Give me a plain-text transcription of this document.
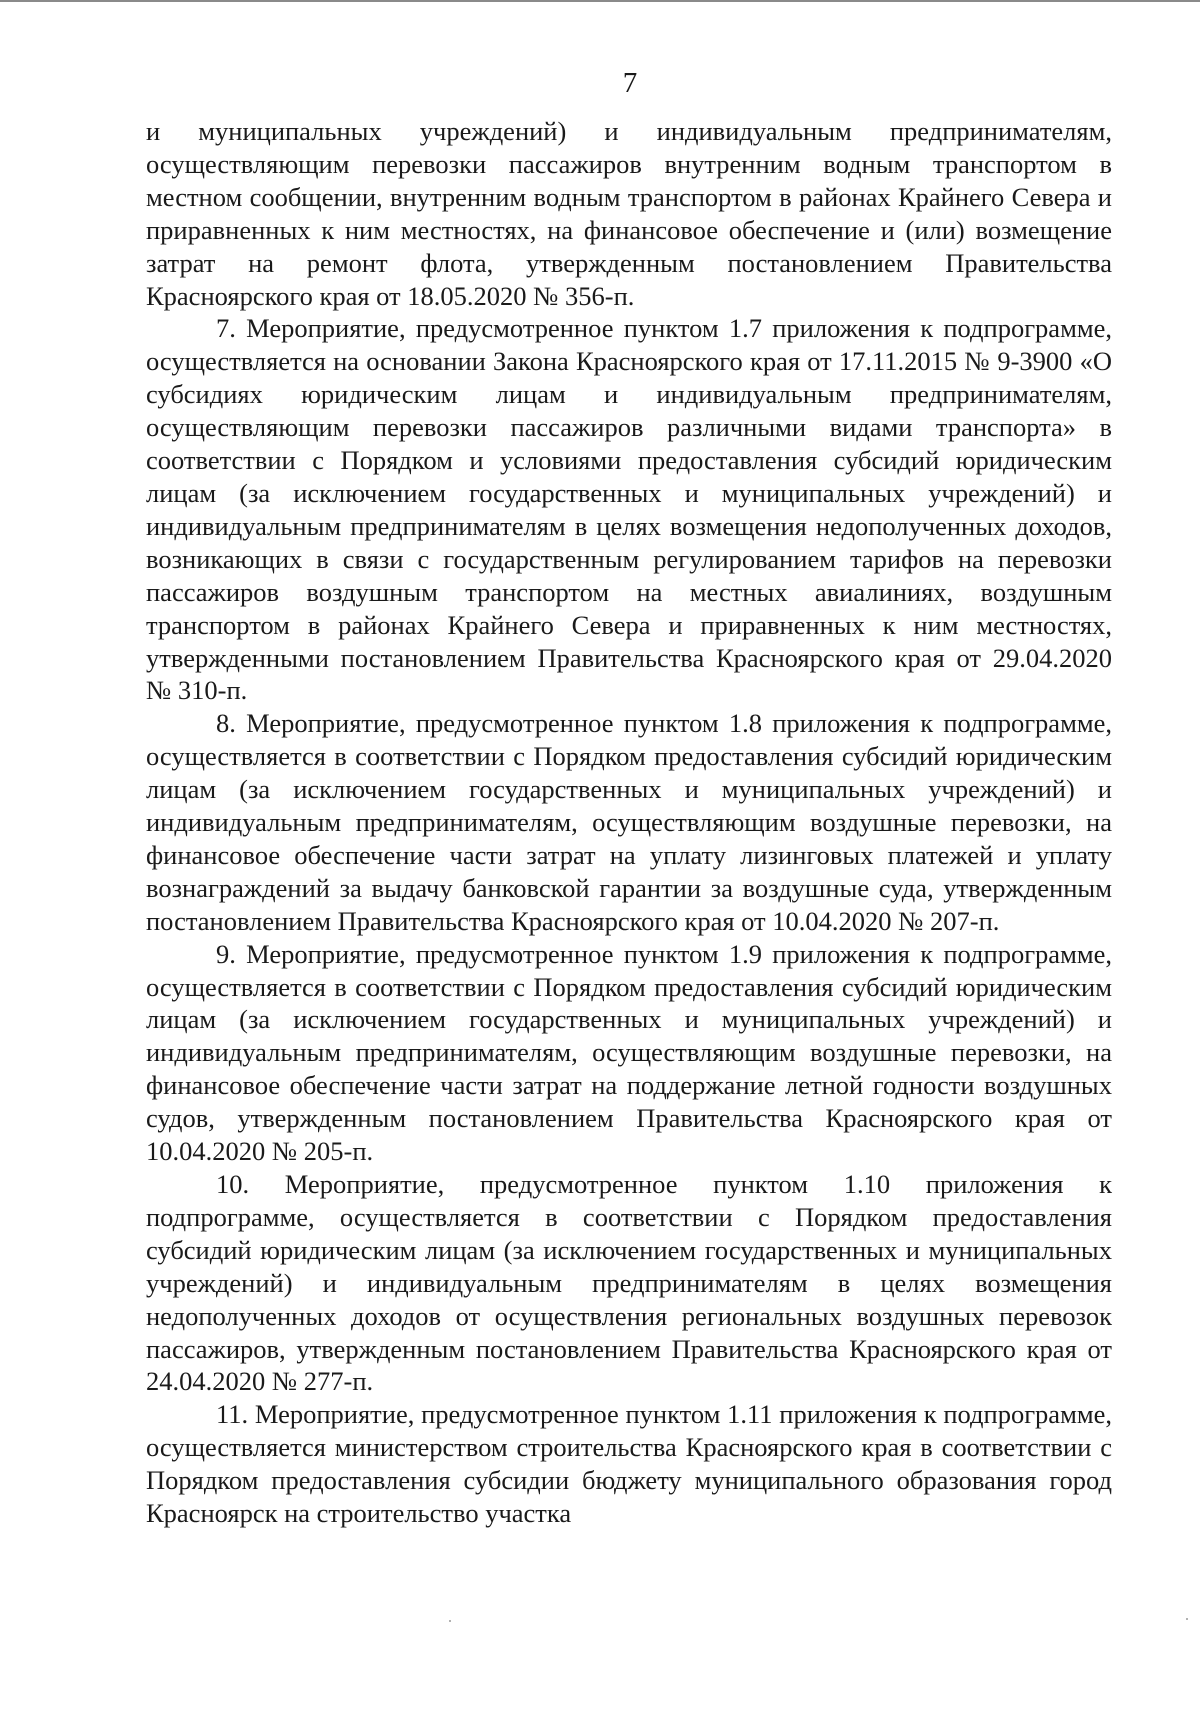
7

и муниципальных учреждений) и индивидуальным предпринимателям, осуществляющим перевозки пассажиров внутренним водным транспортом в местном сообщении, внутренним водным транспортом в районах Крайнего Севера и приравненных к ним местностях, на финансовое обеспечение и (или) возмещение затрат на ремонт флота, утвержденным постановлением Правительства Красноярского края от 18.05.2020 № 356-п.

7. Мероприятие, предусмотренное пунктом 1.7 приложения к подпрограмме, осуществляется на основании Закона Красноярского края от 17.11.2015 № 9-3900 «О субсидиях юридическим лицам и индивидуальным предпринимателям, осуществляющим перевозки пассажиров различными видами транспорта» в соответствии с Порядком и условиями предоставления субсидий юридическим лицам (за исключением государственных и муниципальных учреждений) и индивидуальным предпринимателям в целях возмещения недополученных доходов, возникающих в связи с государственным регулированием тарифов на перевозки пассажиров воздушным транспортом на местных авиалиниях, воздушным транспортом в районах Крайнего Севера и приравненных к ним местностях, утвержденными постановлением Правительства Красноярского края от 29.04.2020 № 310-п.

8. Мероприятие, предусмотренное пунктом 1.8 приложения к подпрограмме, осуществляется в соответствии с Порядком предоставления субсидий юридическим лицам (за исключением государственных и муниципальных учреждений) и индивидуальным предпринимателям, осуществляющим воздушные перевозки, на финансовое обеспечение части затрат на уплату лизинговых платежей и уплату вознаграждений за выдачу банковской гарантии за воздушные суда, утвержденным постановлением Правительства Красноярского края от 10.04.2020 № 207-п.

9. Мероприятие, предусмотренное пунктом 1.9 приложения к подпрограмме, осуществляется в соответствии с Порядком предоставления субсидий юридическим лицам (за исключением государственных и муниципальных учреждений) и индивидуальным предпринимателям, осуществляющим воздушные перевозки, на финансовое обеспечение части затрат на поддержание летной годности воздушных судов, утвержденным постановлением Правительства Красноярского края от 10.04.2020 № 205-п.

10. Мероприятие, предусмотренное пунктом 1.10 приложения к подпрограмме, осуществляется в соответствии с Порядком предоставления субсидий юридическим лицам (за исключением государственных и муниципальных учреждений) и индивидуальным предпринимателям в целях возмещения недополученных доходов от осуществления региональных воздушных перевозок пассажиров, утвержденным постановлением Правительства Красноярского края от 24.04.2020 № 277-п.

11. Мероприятие, предусмотренное пунктом 1.11 приложения к подпрограмме, осуществляется министерством строительства Красноярского края в соответствии с Порядком предоставления субсидии бюджету муниципального образования город Красноярск на строительство участка
